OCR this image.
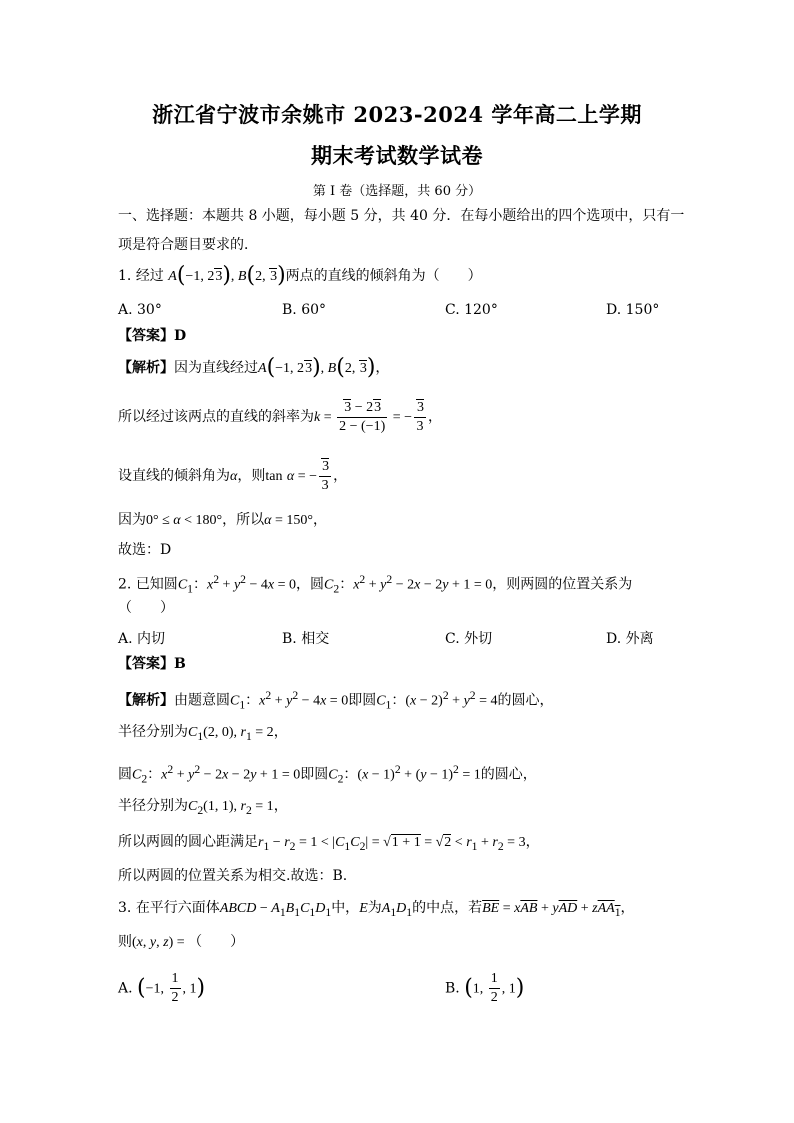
浙江省宁波市余姚市 2023-2024 学年高二上学期
期末考试数学试卷
第 I 卷（选择题，共 60 分）
一、选择题：本题共 8 小题，每小题 5 分，共 40 分．在每小题给出的四个选项中，只有一
项是符合题目要求的．
1. 经过 A(−1, 23), B(2, 3)两点的直线的倾斜角为（　　）
A. 30°	B. 60°	C. 120°	D. 150°
【答案】D
【解析】因为直线经过A(−1, 23), B(2, 3)，
所以经过该两点的直线的斜率为$k = \frac{3 - 23}{2 - (-1)}$ = − $\frac{3}{3}$ ，
设直线的倾斜角为α，则tan α = − $\frac{3}{3}$ ，
因为0° ≤ α < 180°，所以α = 150°，
故选：D
2. 已知圆$C_1$：$x^2 + y^2 - 4x = 0$，圆$C_2$：$x^2 + y^2 - 2x - 2y + 1 = 0$，则两圆的位置关系为
（　　）
A. 内切	B. 相交	C. 外切	D. 外离
【答案】B
【解析】由题意圆$C_1$：$x^2 + y^2 - 4x = 0$即圆$C_1$：$(x - 2)^2 + y^2 = 4$的圆心，
半径分别为$C_1(2$, 0), $r_1 = 2$，
圆$C_2$：$x^2 + y^2 - 2x - 2y + 1 = 0$即圆$C_2$：$(x - 1)^2 + (y - 1)^2 = 1$的圆心，
半径分别为$C_2(1$, 1), $r_2 = 1$，
所以两圆的圆心距满足$r_1 - r_2 = 1 < |C_1C_2| = √1 + 1 = √2 < r_1 + r_2 = 3$，
所以两圆的位置关系为相交.故选：B.
3. 在平行六面体ABCD − $A_1B_1C_1D_1$中，E为$A_1D_1$的中点，若$\overline{BE} = x\overline{AB} + y\overline{AD} + zAA_1$，
则(x, y, z) = （　　）
A. (−1, $\frac{1}{2}$ , 1)	B. (1, $\frac{1}{2}$ , 1)
